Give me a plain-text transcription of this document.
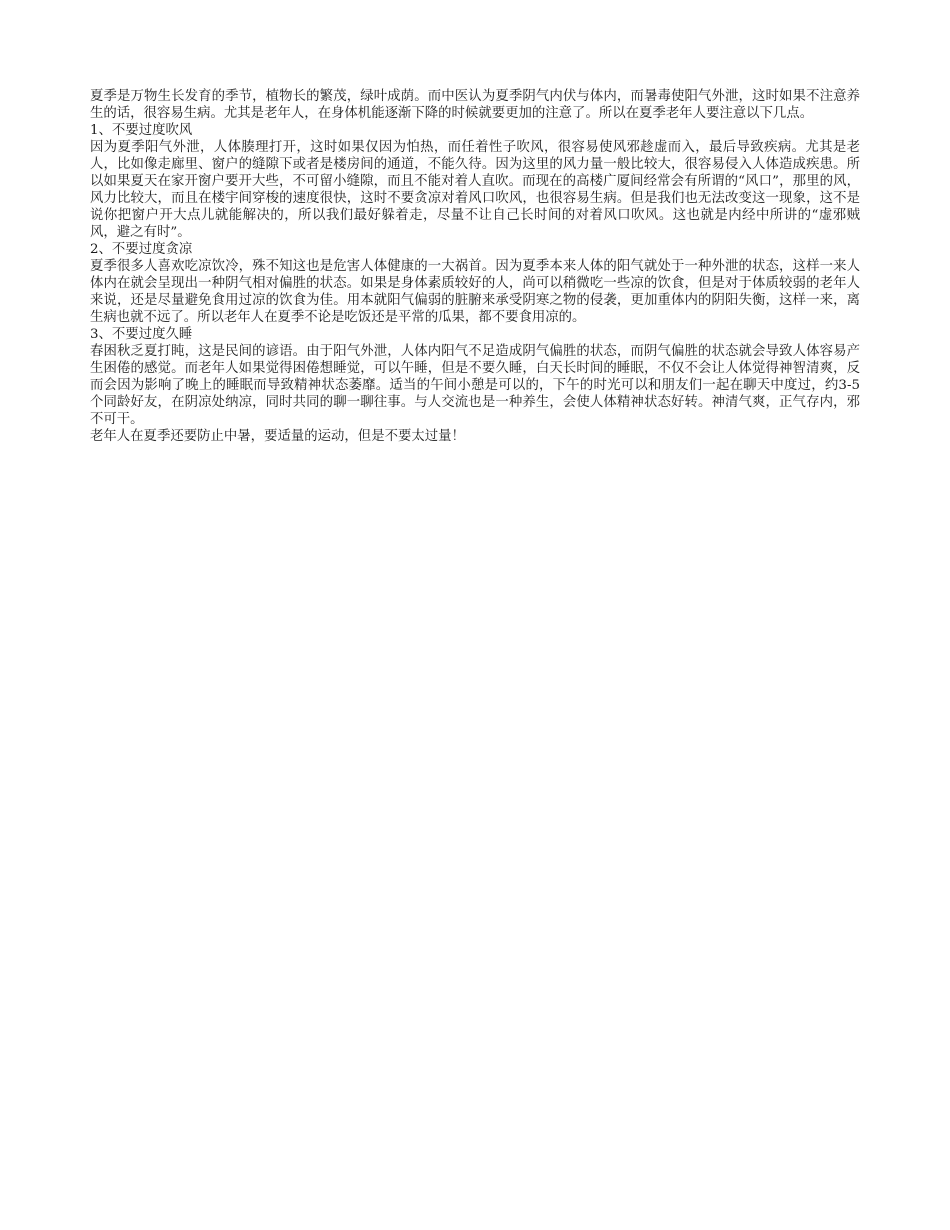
夏季是万物生长发育的季节，植物长的繁茂，绿叶成荫。而中医认为夏季阴气内伏与体内，而暑毒使阳气外泄，这时如果不注意养生的话，很容易生病。尤其是老年人，在身体机能逐渐下降的时候就要更加的注意了。所以在夏季老年人要注意以下几点。

1、不要过度吹风

因为夏季阳气外泄，人体腠理打开，这时如果仅因为怕热，而任着性子吹风，很容易使风邪趁虚而入，最后导致疾病。尤其是老人，比如像走廊里、窗户的缝隙下或者是楼房间的通道，不能久待。因为这里的风力量一般比较大，很容易侵入人体造成疾患。所以如果夏天在家开窗户要开大些，不可留小缝隙，而且不能对着人直吹。而现在的高楼广厦间经常会有所谓的“风口”，那里的风，风力比较大，而且在楼宇间穿梭的速度很快，这时不要贪凉对着风口吹风，也很容易生病。但是我们也无法改变这一现象，这不是说你把窗户开大点儿就能解决的，所以我们最好躲着走，尽量不让自己长时间的对着风口吹风。这也就是内经中所讲的“虚邪贼风，避之有时”。

2、不要过度贪凉

夏季很多人喜欢吃凉饮冷，殊不知这也是危害人体健康的一大祸首。因为夏季本来人体的阳气就处于一种外泄的状态，这样一来人体内在就会呈现出一种阴气相对偏胜的状态。如果是身体素质较好的人，尚可以稍微吃一些凉的饮食，但是对于体质较弱的老年人来说，还是尽量避免食用过凉的饮食为佳。用本就阳气偏弱的脏腑来承受阴寒之物的侵袭，更加重体内的阴阳失衡，这样一来，离生病也就不远了。所以老年人在夏季不论是吃饭还是平常的瓜果，都不要食用凉的。

3、不要过度久睡

春困秋乏夏打盹，这是民间的谚语。由于阳气外泄，人体内阳气不足造成阴气偏胜的状态，而阴气偏胜的状态就会导致人体容易产生困倦的感觉。而老年人如果觉得困倦想睡觉，可以午睡，但是不要久睡，白天长时间的睡眠，不仅不会让人体觉得神智清爽，反而会因为影响了晚上的睡眠而导致精神状态萎靡。适当的午间小憩是可以的，下午的时光可以和朋友们一起在聊天中度过，约3-5个同龄好友，在阴凉处纳凉，同时共同的聊一聊往事。与人交流也是一种养生，会使人体精神状态好转。神清气爽，正气存内，邪不可干。

老年人在夏季还要防止中暑，要适量的运动，但是不要太过量！
